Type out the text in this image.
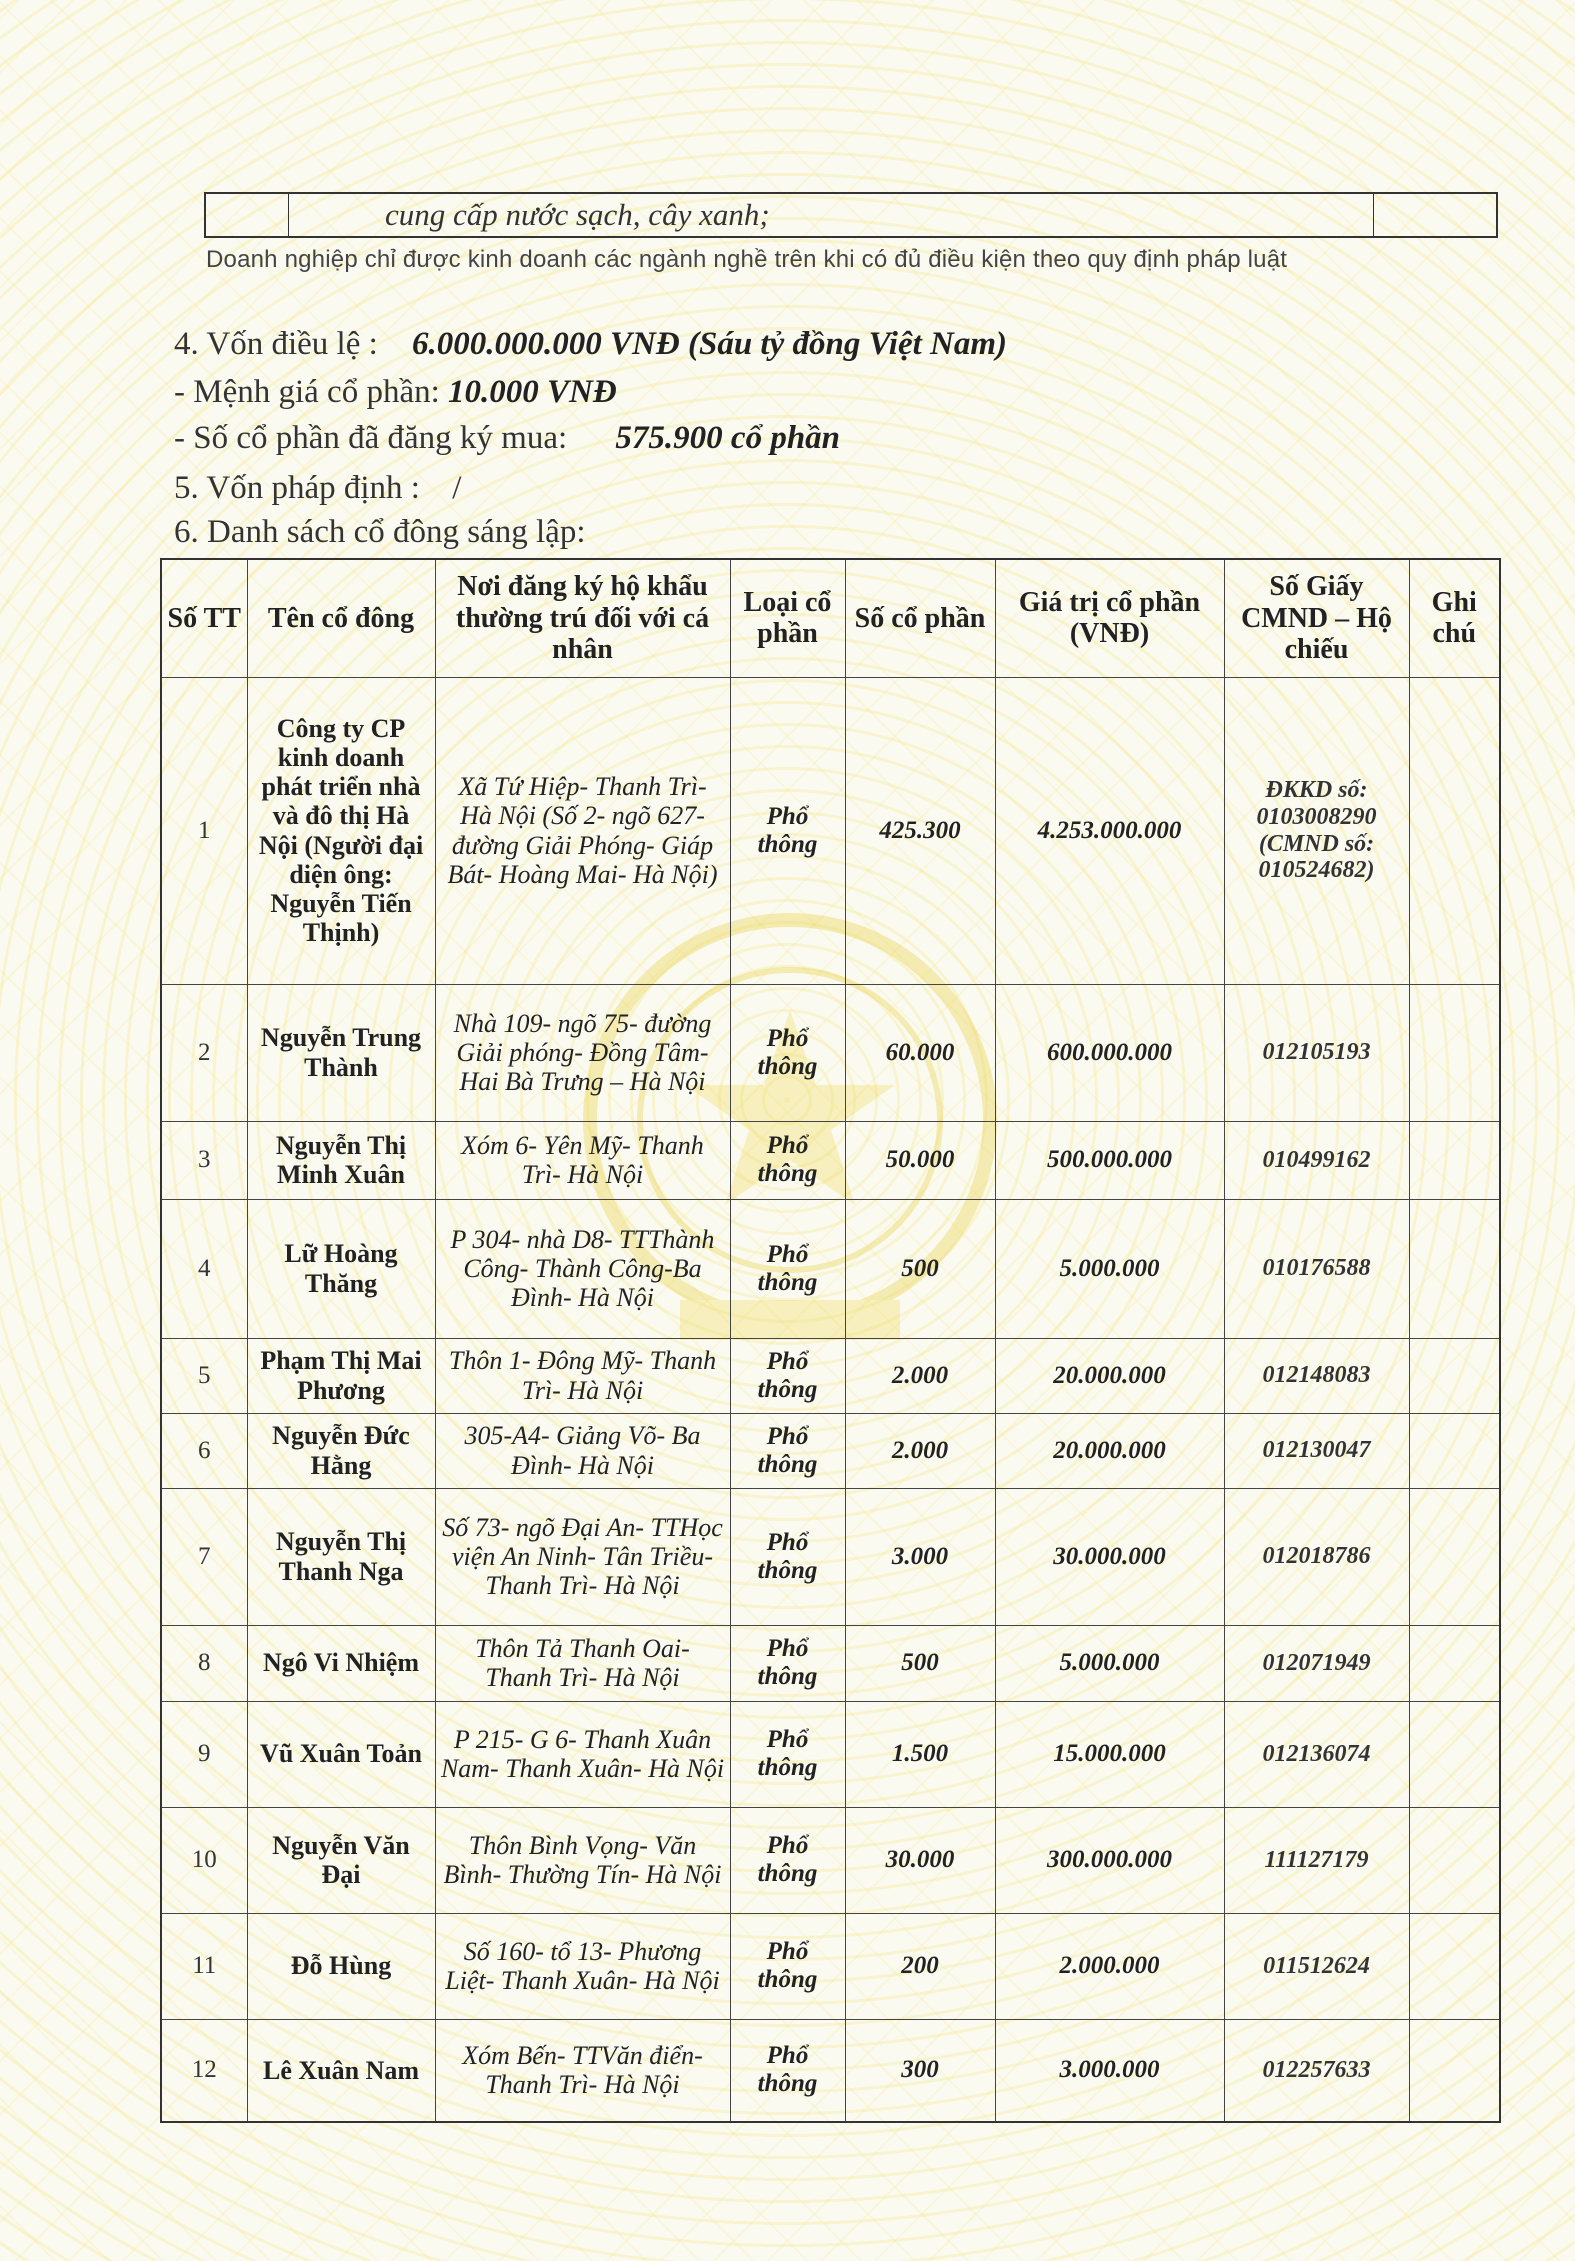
cung cấp nước sạch, cây xanh;
Doanh nghiệp chỉ được kinh doanh các ngành nghề trên khi có đủ điều kiện theo quy định pháp luật
4. Vốn điều lệ : 6.000.000.000 VNĐ (Sáu tỷ đồng Việt Nam)
- Mệnh giá cổ phần: 10.000 VNĐ
- Số cổ phần đã đăng ký mua: 575.900 cổ phần
5. Vốn pháp định : /
6. Danh sách cổ đông sáng lập:
Số TT	Tên cổ đông	Nơi đăng ký hộ khẩu thường trú đối với cá nhân	Loại cổ phần	Số cổ phần	Giá trị cổ phần (VNĐ)	Số Giấy CMND – Hộ chiếu	Ghi chú
1	Công ty CP kinh doanh phát triển nhà và đô thị Hà Nội (Người đại diện ông: Nguyễn Tiến Thịnh)	Xã Tứ Hiệp- Thanh Trì- Hà Nội (Số 2- ngõ 627- đường Giải Phóng- Giáp Bát- Hoàng Mai- Hà Nội)	Phổ thông	425.300	4.253.000.000	ĐKKD số: 0103008290 (CMND số: 010524682)	
2	Nguyễn Trung Thành	Nhà 109- ngõ 75- đường Giải phóng- Đồng Tâm- Hai Bà Trưng – Hà Nội	Phổ thông	60.000	600.000.000	012105193	
3	Nguyễn Thị Minh Xuân	Xóm 6- Yên Mỹ- Thanh Trì- Hà Nội	Phổ thông	50.000	500.000.000	010499162	
4	Lữ Hoàng Thăng	P 304- nhà D8- TTThành Công- Thành Công-Ba Đình- Hà Nội	Phổ thông	500	5.000.000	010176588	
5	Phạm Thị Mai Phương	Thôn 1- Đông Mỹ- Thanh Trì- Hà Nội	Phổ thông	2.000	20.000.000	012148083	
6	Nguyễn Đức Hằng	305-A4- Giảng Võ- Ba Đình- Hà Nội	Phổ thông	2.000	20.000.000	012130047	
7	Nguyễn Thị Thanh Nga	Số 73- ngõ Đại An- TTHọc viện An Ninh- Tân Triều- Thanh Trì- Hà Nội	Phổ thông	3.000	30.000.000	012018786	
8	Ngô Vi Nhiệm	Thôn Tả Thanh Oai- Thanh Trì- Hà Nội	Phổ thông	500	5.000.000	012071949	
9	Vũ Xuân Toản	P 215- G 6- Thanh Xuân Nam- Thanh Xuân- Hà Nội	Phổ thông	1.500	15.000.000	012136074	
10	Nguyễn Văn Đại	Thôn Bình Vọng- Văn Bình- Thường Tín- Hà Nội	Phổ thông	30.000	300.000.000	111127179	
11	Đỗ Hùng	Số 160- tổ 13- Phương Liệt- Thanh Xuân- Hà Nội	Phổ thông	200	2.000.000	011512624	
12	Lê Xuân Nam	Xóm Bến- TTVăn điển- Thanh Trì- Hà Nội	Phổ thông	300	3.000.000	012257633	
